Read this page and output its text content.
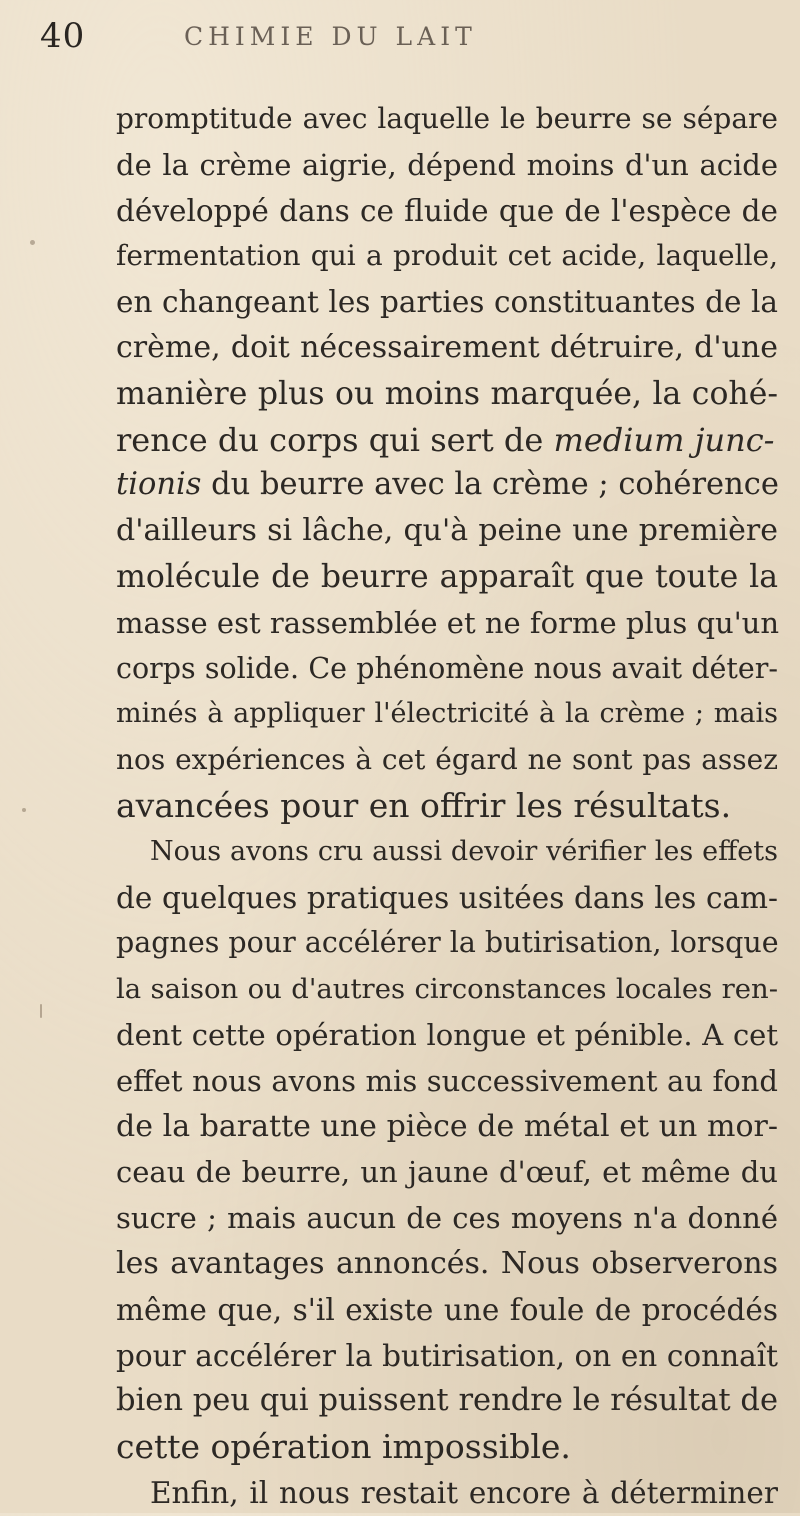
40	CHIMIE DU LAIT
promptitude avec laquelle le beurre se sépare
de la crème aigrie, dépend moins d'un acide
développé dans ce fluide que de l'espèce de
fermentation qui a produit cet acide, laquelle,
en changeant les parties constituantes de la
crème, doit nécessairement détruire, d'une
manière plus ou moins marquée, la cohé-
rence du corps qui sert de medium junc-
tionis du beurre avec la crème ; cohérence
d'ailleurs si lâche, qu'à peine une première
molécule de beurre apparaît que toute la
masse est rassemblée et ne forme plus qu'un
corps solide. Ce phénomène nous avait déter-
minés à appliquer l'électricité à la crème ; mais
nos expériences à cet égard ne sont pas assez
avancées pour en offrir les résultats.
Nous avons cru aussi devoir vérifier les effets
de quelques pratiques usitées dans les cam-
pagnes pour accélérer la butirisation, lorsque
la saison ou d'autres circonstances locales ren-
dent cette opération longue et pénible. A cet
effet nous avons mis successivement au fond
de la baratte une pièce de métal et un mor-
ceau de beurre, un jaune d'œuf, et même du
sucre ; mais aucun de ces moyens n'a donné
les avantages annoncés. Nous observerons
même que, s'il existe une foule de procédés
pour accélérer la butirisation, on en connaît
bien peu qui puissent rendre le résultat de
cette opération impossible.
Enfin, il nous restait encore à déterminer
